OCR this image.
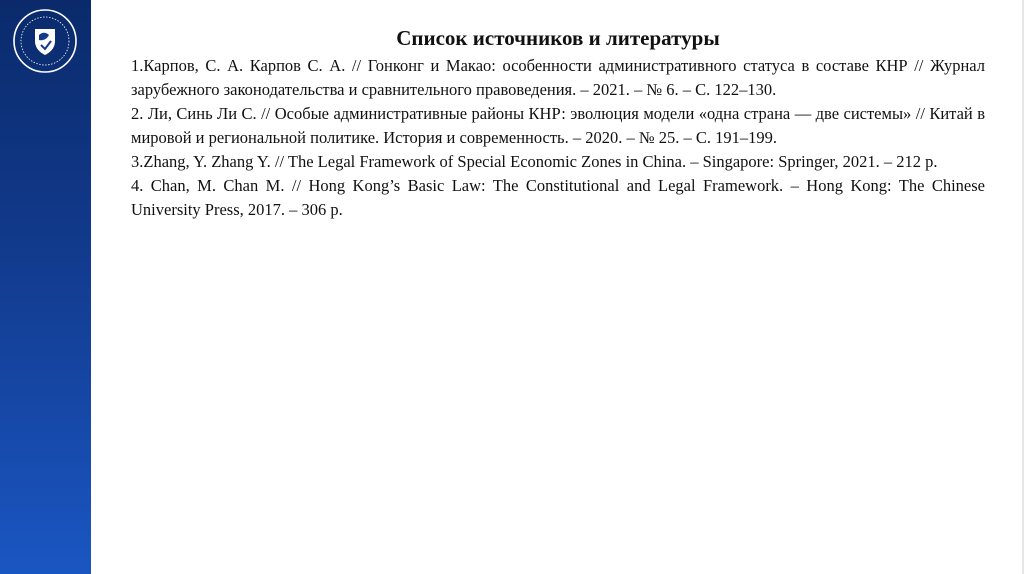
Список источников и литературы

1.Карпов, С. А. Карпов С. А. // Гонконг и Макао: особенности административного статуса в составе КНР // Журнал зарубежного законодательства и сравнительного правоведения. – 2021. – № 6. – С. 122–130.

2. Ли, Синь Ли С. // Особые административные районы КНР: эволюция модели «одна страна — две системы» // Китай в мировой и региональной политике. История и современность. – 2020. – № 25. – С. 191–199.

3.Zhang, Y. Zhang Y. // The Legal Framework of Special Economic Zones in China. – Singapore: Springer, 2021. – 212 p.

4. Chan, M. Chan M. // Hong Kong’s Basic Law: The Constitutional and Legal Framework. – Hong Kong: The Chinese University Press, 2017. – 306 p.
